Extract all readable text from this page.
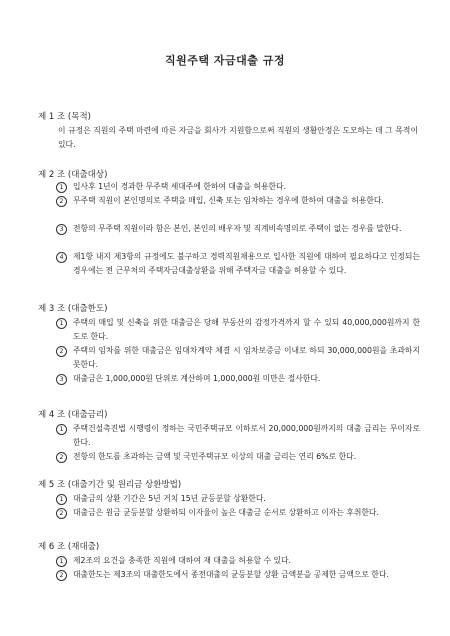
직원주택 자금대출 규정
제 1 조 (목적)
이 규정은 직원의 주택 마련에 따른 자금을 회사가 지원함으로써 직원의 생활안정은 도모하는 데 그 목적이 있다.
제 2 조 (대출대상)
1	입사후 1년이 경과한 무주택 세대주에 한하여 대출을 허용한다.
2	무주택 직원이 본인명의로 주택을 매입, 신축 또는 임차하는 경우에 한하여 대출을 허용한다.
3	전항의 무주택 직원이라 함은 본인, 본인의 배우자 및 직계비속명의로 주택이 없는 경우를 말한다.
4	제1항 내지 제3항의 규정에도 불구하고 경력직원채용으로 입사한 직원에 대하여 필요하다고 인정되는 경우에는 전 근무처의 주택자금대출상환을 위해 주택자금 대출을 허용할 수 있다.
제 3 조 (대출한도)
1	주택의 매입 및 신축을 위한 대출금은 당해 부동산의 감정가격까지 할 수 있되 40,000,000원까지 한도로 한다.
2	주택의 임차를 위한 대출금은 임대차계약 체결 시 임차보증금 이내로 하되 30,000,000원을 초과하지 못한다.
3	대출금은 1,000,000원 단위로 계산하며 1,000,000원 미만은 절사한다.
제 4 조 (대출금리)
1	주택건설촉진법 시행령이 정하는 국민주택규모 이하로서 20,000,000원까지의 대출 금리는 무이자로 한다.
2	전항의 한도를 초과하는 금액 및 국민주택규모 이상의 대출 금리는 연리 6%로 한다.
제 5 조 (대출기간 및 원리금 상환방법)
1	대출금의 상환 기간은 5년 거치 15년 균등분할 상환한다.
2	대출금은 원금 균등분할 상환하되 이자율이 높은 대출금 순서로 상환하고 이자는 후취한다.
제 6 조 (재대출)
1	제2조의 요건을 충족한 직원에 대하여 재 대출을 허용할 수 있다.
2	대출한도는 제3조의 대출한도에서 종전대출의 균등분할 상환 금액분을 공제한 금액으로 한다.
